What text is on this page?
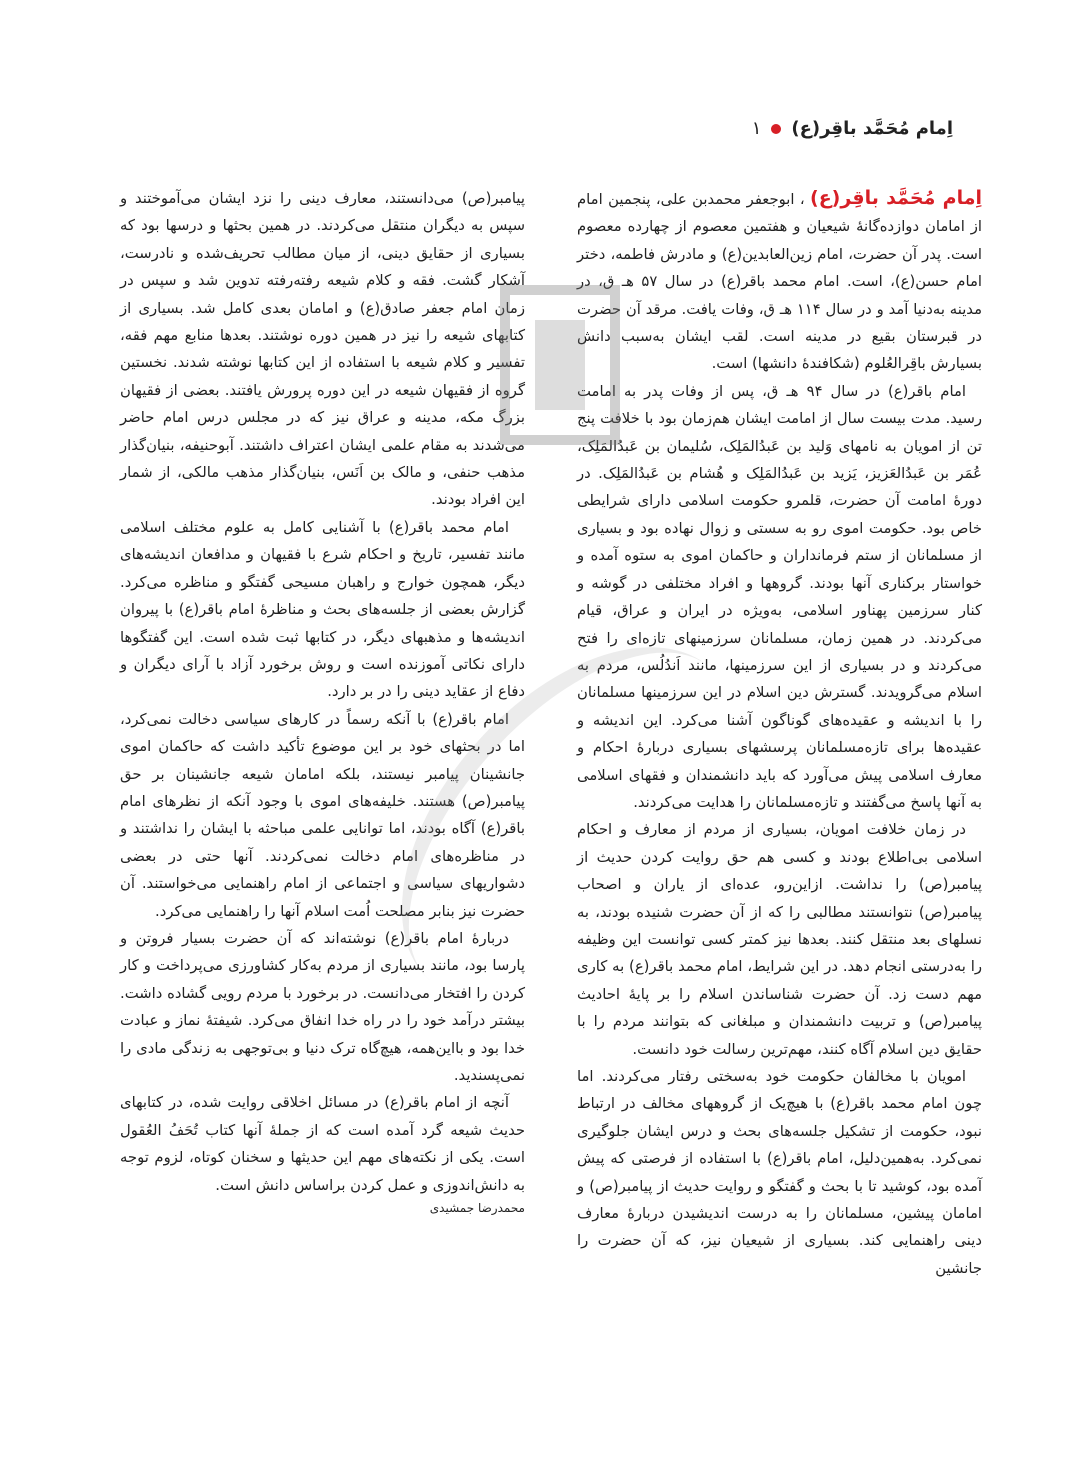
اِمام مُحَمَّد باقِر(ع)
۱

اِمام مُحَمَّد باقِر(ع) ، ابوجعفر محمدبن علی، پنجمین امام از امامان دوازده‌گانهٔ شیعیان و هفتمین معصوم از چهارده معصوم است. پدر آن حضرت، امام زین‌العابدین(ع) و مادرش فاطمه، دختر امام حسن(ع)، است. امام محمد باقر(ع) در سال ۵۷ هـ ق، در مدینه به‌دنیا آمد و در سال ۱۱۴ هـ ق، وفات یافت. مرقد آن حضرت در قبرستان بقیع در مدینه است. لقب ایشان به‌سبب دانش بسیارش باقِرالعُلوم (شکافندهٔ دانشها) است.

امام باقر(ع) در سال ۹۴ هـ ق، پس از وفات پدر به امامت رسید. مدت بیست سال از امامت ایشان هم‌زمان بود با خلافت پنج تن از امویان به نامهای وَلید بن عَبدُالمَلِک، سُلیمان بن عَبدُالمَلِک، عُمَر بن عَبدُالعَزیز، یَزید بن عَبدُالمَلِک و هُشام بن عَبدُالمَلِک. در دورهٔ امامت آن حضرت، قلمرو حکومت اسلامی دارای شرایطی خاص بود. حکومت اموی رو به سستی و زوال نهاده بود و بسیاری از مسلمانان از ستم فرمانداران و حاکمان اموی به ستوه آمده و خواستار برکناری آنها بودند. گروهها و افراد مختلفی در گوشه و کنار سرزمین پهناور اسلامی، به‌ویژه در ایران و عراق، قیام می‌کردند. در همین زمان، مسلمانان سرزمینهای تازه‌ای را فتح می‌کردند و در بسیاری از این سرزمینها، مانند اَندُلُس، مردم به اسلام می‌گرویدند. گسترش دین اسلام در این سرزمینها مسلمانان را با اندیشه و عقیده‌های گوناگون آشنا می‌کرد. این اندیشه و عقیده‌ها برای تازه‌مسلمانان پرسشهای بسیاری دربارهٔ احکام و معارف اسلامی پیش می‌آورد که باید دانشمندان و فقهای اسلامی به آنها پاسخ می‌گفتند و تازه‌مسلمانان را هدایت می‌کردند.

در زمان خلافت امویان، بسیاری از مردم از معارف و احکام اسلامی بی‌اطلاع بودند و کسی هم حق روایت کردن حدیث از پیامبر(ص) را نداشت. ازاین‌رو، عده‌ای از یاران و اصحاب پیامبر(ص) نتوانستند مطالبی را که از آن حضرت شنیده بودند، به نسلهای بعد منتقل کنند. بعدها نیز کمتر کسی توانست این وظیفه را به‌درستی انجام دهد. در این شرایط، امام محمد باقر(ع) به کاری مهم دست زد. آن حضرت شناساندن اسلام را بر پایهٔ احادیث پیامبر(ص) و تربیت دانشمندان و مبلغانی که بتوانند مردم را با حقایق دین اسلام آگاه کنند، مهم‌ترین رسالت خود دانست.

امویان با مخالفان حکومت خود به‌سختی رفتار می‌کردند. اما چون امام محمد باقر(ع) با هیچ‌یک از گروههای مخالف در ارتباط نبود، حکومت از تشکیل جلسه‌های بحث و درس ایشان جلوگیری نمی‌کرد. به‌همین‌دلیل، امام باقر(ع) با استفاده از فرصتی که پیش آمده بود، کوشید تا با بحث و گفتگو و روایت حدیث از پیامبر(ص) و امامان پیشین، مسلمانان را به درست اندیشیدن دربارهٔ معارف دینی راهنمایی کند. بسیاری از شیعیان نیز، که آن حضرت را جانشین

پیامبر(ص) می‌دانستند، معارف دینی را نزد ایشان می‌آموختند و سپس به دیگران منتقل می‌کردند. در همین بحثها و درسها بود که بسیاری از حقایق دینی، از میان مطالب تحریف‌شده و نادرست، آشکار گشت. فقه و کلام شیعه رفته‌رفته تدوین شد و سپس در زمان امام جعفر صادق(ع) و امامان بعدی کامل شد. بسیاری از کتابهای شیعه را نیز در همین دوره نوشتند. بعدها منابع مهم فقه، تفسیر و کلام شیعه با استفاده از این کتابها نوشته شدند. نخستین گروه از فقیهان شیعه در این دوره پرورش یافتند. بعضی از فقیهان بزرگ مکه، مدینه و عراق نیز که در مجلس درس امام حاضر می‌شدند به مقام علمی ایشان اعتراف داشتند. آبوحنیفه، بنیان‌گذار مذهب حنفی، و مالک بن اَنَس، بنیان‌گذار مذهب مالکی، از شمار این افراد بودند.

امام محمد باقر(ع) با آشنایی کامل به علوم مختلف اسلامی مانند تفسیر، تاریخ و احکام شرع با فقیهان و مدافعان اندیشه‌های دیگر، همچون خوارج و راهبان مسیحی گفتگو و مناظره می‌کرد. گزارش بعضی از جلسه‌های بحث و مناظرهٔ امام باقر(ع) با پیروان اندیشه‌ها و مذهبهای دیگر، در کتابها ثبت شده است. این گفتگوها دارای نکاتی آموزنده است و روش برخورد آزاد با آرای دیگران و دفاع از عقاید دینی را در بر دارد.

امام باقر(ع) با آنکه رسماً در کارهای سیاسی دخالت نمی‌کرد، اما در بحثهای خود بر این موضوع تأکید داشت که حاکمان اموی جانشینان پیامبر نیستند، بلکه امامان شیعه جانشینان بر حق پیامبر(ص) هستند. خلیفه‌های اموی با وجود آنکه از نظرهای امام باقر(ع) آگاه بودند، اما توانایی علمی مباحثه با ایشان را نداشتند و در مناظره‌های امام دخالت نمی‌کردند. آنها حتی در بعضی دشواریهای سیاسی و اجتماعی از امام راهنمایی می‌خواستند. آن حضرت نیز بنابر مصلحت اُمت اسلام آنها را راهنمایی می‌کرد.

دربارهٔ امام باقر(ع) نوشته‌اند که آن حضرت بسیار فروتن و پارسا بود، مانند بسیاری از مردم به‌کار کشاورزی می‌پرداخت و کار کردن را افتخار می‌دانست. در برخورد با مردم رویی گشاده داشت. بیشتر درآمد خود را در راه خدا انفاق می‌کرد. شیفتهٔ نماز و عبادت خدا بود و بااین‌همه، هیچ‌گاه ترک دنیا و بی‌توجهی به زندگی مادی را نمی‌پسندید.

آنچه از امام باقر(ع) در مسائل اخلاقی روایت شده، در کتابهای حدیث شیعه گرد آمده است که از جملهٔ آنها کتاب تُحَفُ العُقول است. یکی از نکته‌های مهم این حدیثها و سخنان کوتاه، لزوم توجه به دانش‌اندوزی و عمل کردن براساس دانش است.

محمدرضا جمشیدی
